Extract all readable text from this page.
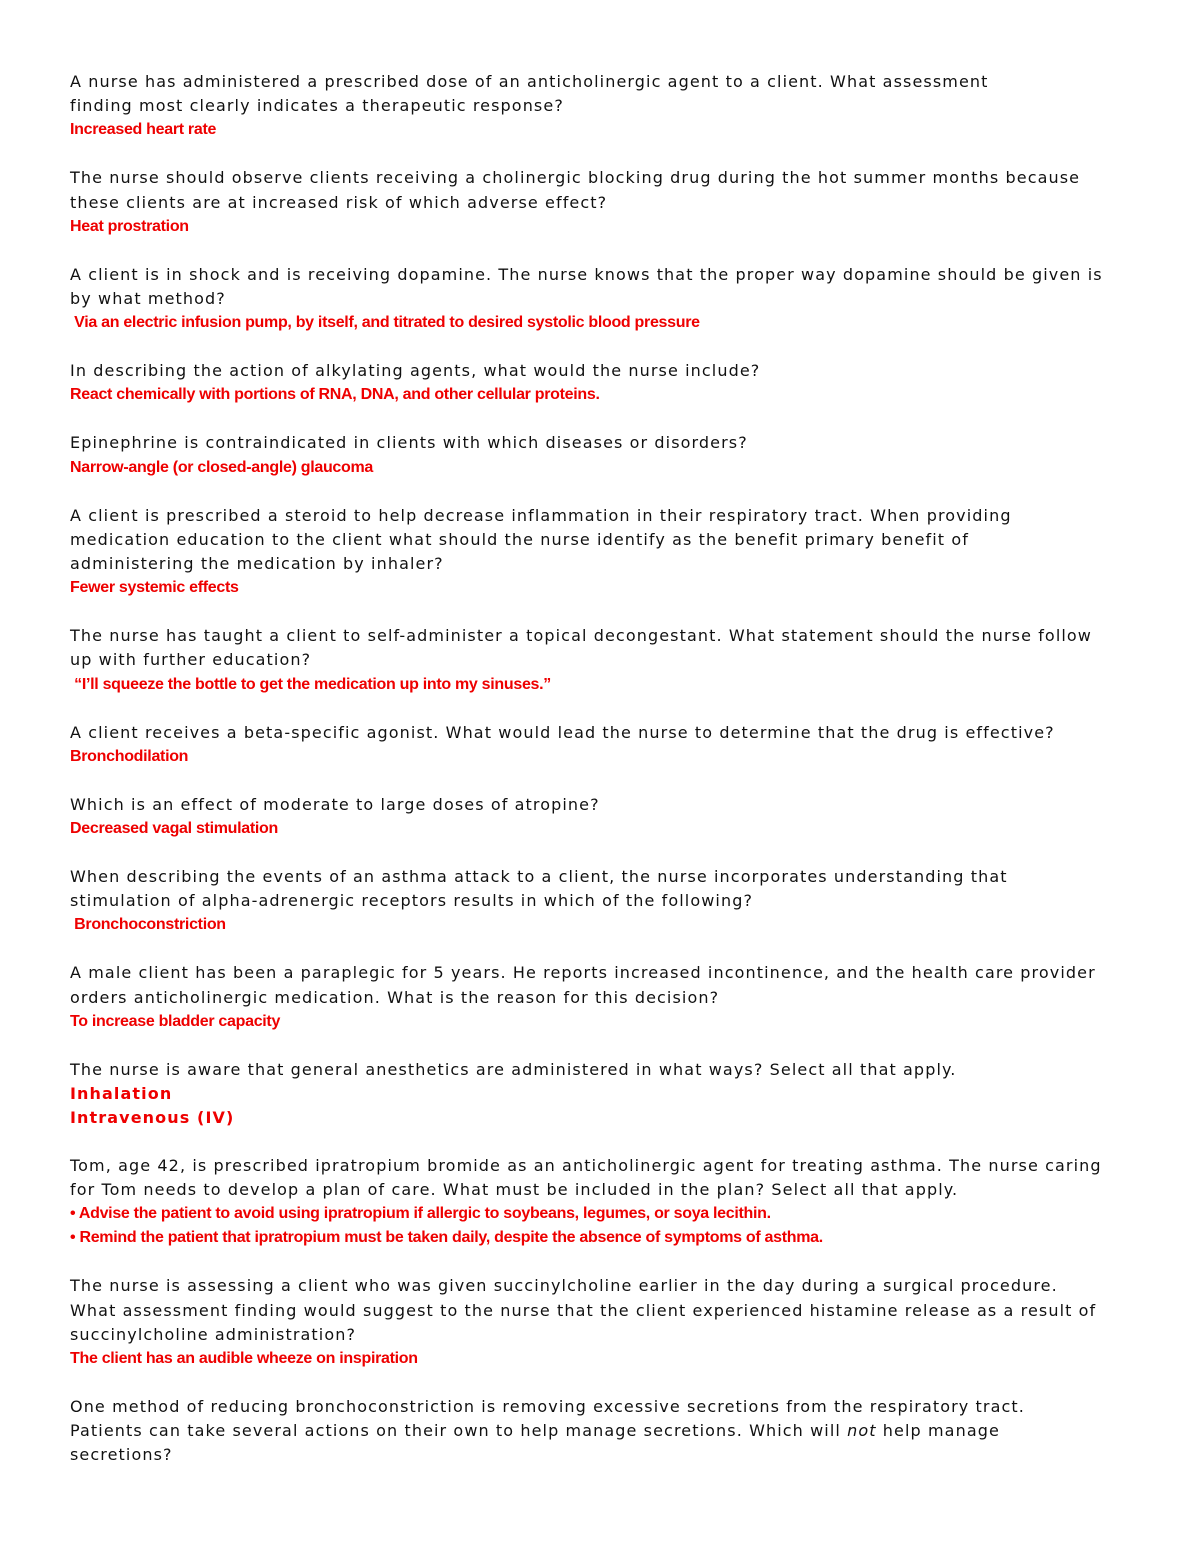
A nurse has administered a prescribed dose of an anticholinergic agent to a client. What assessment
finding most clearly indicates a therapeutic response?

Increased heart rate

The nurse should observe clients receiving a cholinergic blocking drug during the hot summer months because
these clients are at increased risk of which adverse effect?

Heat prostration

A client is in shock and is receiving dopamine. The nurse knows that the proper way dopamine should be given is
by what method?

Via an electric infusion pump, by itself, and titrated to desired systolic blood pressure

In describing the action of alkylating agents, what would the nurse include?

React chemically with portions of RNA, DNA, and other cellular proteins.

Epinephrine is contraindicated in clients with which diseases or disorders?

Narrow-angle (or closed-angle) glaucoma

A client is prescribed a steroid to help decrease inflammation in their respiratory tract. When providing
medication education to the client what should the nurse identify as the benefit primary benefit of
administering the medication by inhaler?

Fewer systemic effects

The nurse has taught a client to self-administer a topical decongestant. What statement should the nurse follow
up with further education?

“I’ll squeeze the bottle to get the medication up into my sinuses.”

A client receives a beta-specific agonist. What would lead the nurse to determine that the drug is effective?

Bronchodilation

Which is an effect of moderate to large doses of atropine?

Decreased vagal stimulation

When describing the events of an asthma attack to a client, the nurse incorporates understanding that
stimulation of alpha-adrenergic receptors results in which of the following?

Bronchoconstriction

A male client has been a paraplegic for 5 years. He reports increased incontinence, and the health care provider
orders anticholinergic medication. What is the reason for this decision?

To increase bladder capacity

The nurse is aware that general anesthetics are administered in what ways? Select all that apply.

Inhalation

Intravenous (IV)

Tom, age 42, is prescribed ipratropium bromide as an anticholinergic agent for treating asthma. The nurse caring
for Tom needs to develop a plan of care. What must be included in the plan? Select all that apply.

• Advise the patient to avoid using ipratropium if allergic to soybeans, legumes, or soya lecithin.

• Remind the patient that ipratropium must be taken daily, despite the absence of symptoms of asthma.

The nurse is assessing a client who was given succinylcholine earlier in the day during a surgical procedure.
What assessment finding would suggest to the nurse that the client experienced histamine release as a result of
succinylcholine administration?

The client has an audible wheeze on inspiration

One method of reducing bronchoconstriction is removing excessive secretions from the respiratory tract.
Patients can take several actions on their own to help manage secretions. Which will not help manage
secretions?
